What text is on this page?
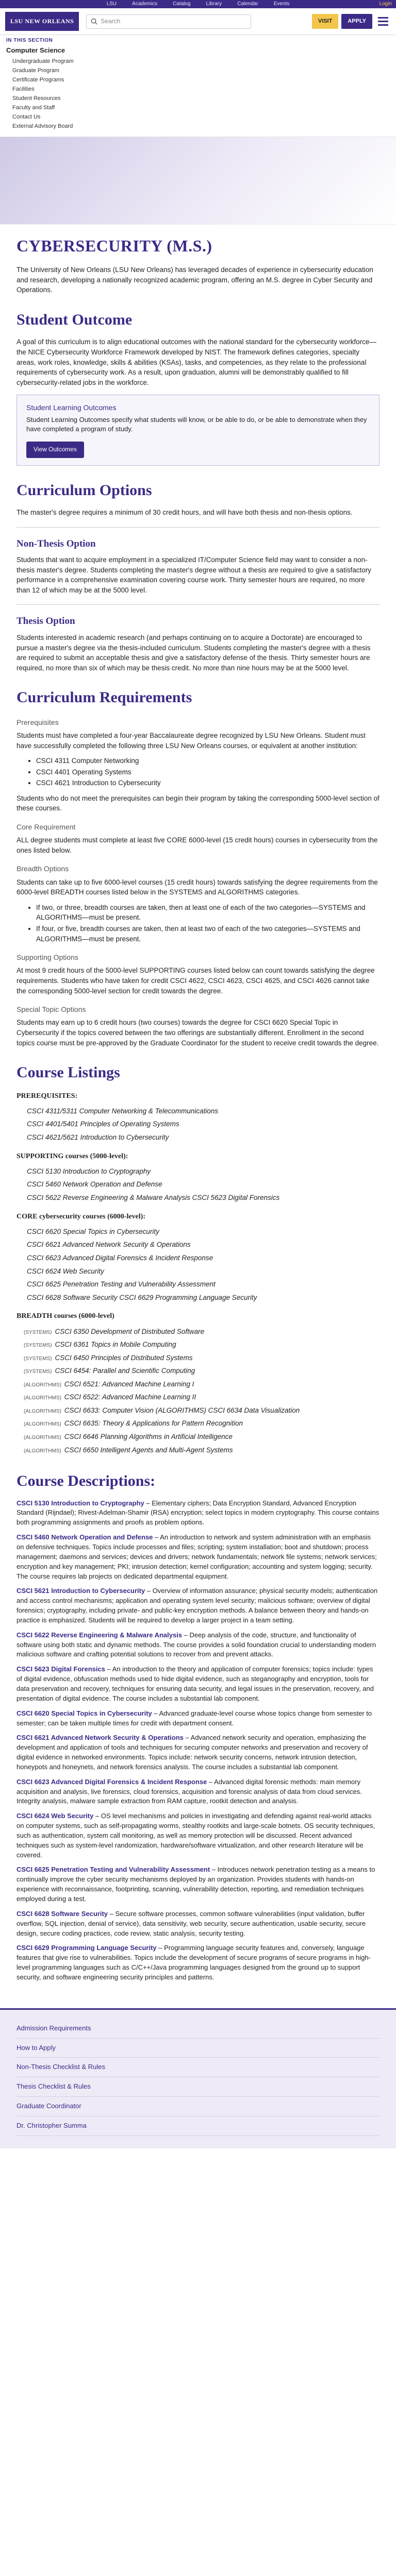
LSU	Academics	Catalog	Library	Calendar	Events	Login
LSU NEW ORLEANS	Search	VISIT	APPLY
IN THIS SECTION
Computer Science
Undergraduate Program
Graduate Program
Certificate Programs
Facilities
Student Resources
Faculty and Staff
Contact Us
External Advisory Board
CYBERSECURITY (M.S.)

The University of New Orleans (LSU New Orleans) has leveraged decades of experience in cybersecurity education and research, developing a nationally recognized academic program, offering an M.S. degree in Cyber Security and Operations.

Student Outcome

A goal of this curriculum is to align educational outcomes with the national standard for the cybersecurity workforce—the NICE Cybersecurity Workforce Framework developed by NIST. The framework defines categories, specialty areas, work roles, knowledge, skills & abilities (KSAs), tasks, and competencies, as they relate to the professional requirements of cybersecurity work. As a result, upon graduation, alumni will be demonstrably qualified to fill cybersecurity-related jobs in the workforce.

Student Learning Outcomes

Student Learning Outcomes specify what students will know, or be able to do, or be able to demonstrate when they have completed a program of study.

View Outcomes
Curriculum Options

The master's degree requires a minimum of 30 credit hours, and will have both thesis and non-thesis options.

Non-Thesis Option

Students that want to acquire employment in a specialized IT/Computer Science field may want to consider a non-thesis master's degree. Students completing the master's degree without a thesis are required to give a satisfactory performance in a comprehensive examination covering course work. Thirty semester hours are required, no more than 12 of which may be at the 5000 level.

Thesis Option

Students interested in academic research (and perhaps continuing on to acquire a Doctorate) are encouraged to pursue a master's degree via the thesis-included curriculum. Students completing the master's degree with a thesis are required to submit an acceptable thesis and give a satisfactory defense of the thesis. Thirty semester hours are required, no more than six of which may be thesis credit. No more than nine hours may be at the 5000 level.

Curriculum Requirements
Prerequisites

Students must have completed a four-year Baccalaureate degree recognized by LSU New Orleans. Student must have successfully completed the following three LSU New Orleans courses, or equivalent at another institution:

• CSCI 4311 Computer Networking
• CSCI 4401 Operating Systems
• CSCI 4621 Introduction to Cybersecurity

Students who do not meet the prerequisites can begin their program by taking the corresponding 5000-level section of these courses.

Core Requirement

ALL degree students must complete at least five CORE 6000-level (15 credit hours) courses in cybersecurity from the ones listed below.

Breadth Options

Students can take up to five 6000-level courses (15 credit hours) towards satisfying the degree requirements from the 6000-level BREADTH courses listed below in the SYSTEMS and ALGORITHMS categories.

• If two, or three, breadth courses are taken, then at least one of each of the two categories—SYSTEMS and ALGORITHMS—must be present.
• If four, or five, breadth courses are taken, then at least two of each of the two categories—SYSTEMS and ALGORITHMS—must be present.
Supporting Options

At most 9 credit hours of the 5000-level SUPPORTING courses listed below can count towards satisfying the degree requirements. Students who have taken for credit CSCI 4622, CSCI 4623, CSCI 4625, and CSCI 4626 cannot take the corresponding 5000-level section for credit towards the degree.

Special Topic Options

Students may earn up to 6 credit hours (two courses) towards the degree for CSCI 6620 Special Topic in Cybersecurity if the topics covered between the two offerings are substantially different. Enrollment in the second topics course must be pre-approved by the Graduate Coordinator for the student to receive credit towards the degree.

Course Listings
PREREQUISITES:
CSCI 4311/5311 Computer Networking & Telecommunications
CSCI 4401/5401 Principles of Operating Systems
CSCI 4621/5621 Introduction to Cybersecurity
SUPPORTING courses (5000-level):
CSCI 5130 Introduction to Cryptography
CSCI 5460 Network Operation and Defense
CSCI 5622 Reverse Engineering & Malware Analysis CSCI 5623 Digital Forensics
CORE cybersecurity courses (6000-level):
CSCI 6620 Special Topics in Cybersecurity
CSCI 6621 Advanced Network Security & Operations
CSCI 6623 Advanced Digital Forensics & Incident Response
CSCI 6624 Web Security
CSCI 6625 Penetration Testing and Vulnerability Assessment
CSCI 6628 Software Security CSCI 6629 Programming Language Security
BREADTH courses (6000-level)
(SYSTEMS) CSCI 6350 Development of Distributed Software
(SYSTEMS) CSCI 6361 Topics in Mobile Computing
(SYSTEMS) CSCI 6450 Principles of Distributed Systems
(SYSTEMS) CSCI 6454: Parallel and Scientific Computing
(ALGORITHMS) CSCI 6521: Advanced Machine Learning I
(ALGORITHMS) CSCI 6522: Advanced Machine Learning II
(ALGORITHMS) CSCI 6633: Computer Vision (ALGORITHMS) CSCI 6634 Data Visualization
(ALGORITHMS) CSCI 6635: Theory & Applications for Pattern Recognition
(ALGORITHMS) CSCI 6646 Planning Algorithms in Artificial Intelligence
(ALGORITHMS) CSCI 6650 Intelligent Agents and Multi-Agent Systems
Course Descriptions:

CSCI 5130 Introduction to Cryptography – Elementary ciphers; Data Encryption Standard, Advanced Encryption Standard (Rijndael); Rivest-Adelman-Shamir (RSA) encryption; select topics in modern cryptography. This course contains both programming assignments and proofs as problem options.

CSCI 5460 Network Operation and Defense – An introduction to network and system administration with an emphasis on defensive techniques. Topics include processes and files; scripting; system installation; boot and shutdown; process management; daemons and services; devices and drivers; network fundamentals; network file systems; network services; encryption and key management; PKI; intrusion detection; kernel configuration; accounting and system logging; security. The course requires lab projects on dedicated departmental equipment.

CSCI 5621 Introduction to Cybersecurity – Overview of information assurance; physical security models; authentication and access control mechanisms; application and operating system level security; malicious software; overview of digital forensics; cryptography, including private- and public-key encryption methods. A balance between theory and hands-on practice is emphasized. Students will be required to develop a larger project in a team setting.

CSCI 5622 Reverse Engineering & Malware Analysis – Deep analysis of the code, structure, and functionality of software using both static and dynamic methods. The course provides a solid foundation crucial to understanding modern malicious software and crafting potential solutions to recover from and prevent attacks.

CSCI 5623 Digital Forensics – An introduction to the theory and application of computer forensics; topics include: types of digital evidence, obfuscation methods used to hide digital evidence, such as steganography and encryption, tools for data preservation and recovery, techniques for ensuring data security, and legal issues in the preservation, recovery, and presentation of digital evidence. The course includes a substantial lab component.

CSCI 6620 Special Topics in Cybersecurity – Advanced graduate-level course whose topics change from semester to semester; can be taken multiple times for credit with department consent.

CSCI 6621 Advanced Network Security & Operations – Advanced network security and operation, emphasizing the development and application of tools and techniques for securing computer networks and preservation and recovery of digital evidence in networked environments. Topics include: network security concerns, network intrusion detection, honeypots and honeynets, and network forensics analysis. The course includes a substantial lab component.

CSCI 6623 Advanced Digital Forensics & Incident Response – Advanced digital forensic methods: main memory acquisition and analysis, live forensics, cloud forensics, acquisition and forensic analysis of data from cloud services. Integrity analysis, malware sample extraction from RAM capture, rootkit detection and analysis.

CSCI 6624 Web Security – OS level mechanisms and policies in investigating and defending against real-world attacks on computer systems, such as self-propagating worms, stealthy rootkits and large-scale botnets. OS security techniques, such as authentication, system call monitoring, as well as memory protection will be discussed. Recent advanced techniques such as system-level randomization, hardware/software virtualization, and other research literature will be covered.

CSCI 6625 Penetration Testing and Vulnerability Assessment – Introduces network penetration testing as a means to continually improve the cyber security mechanisms deployed by an organization. Provides students with hands-on experience with reconnaissance, footprinting, scanning, vulnerability detection, reporting, and remediation techniques employed during a test.

CSCI 6628 Software Security – Secure software processes, common software vulnerabilities (input validation, buffer overflow, SQL injection, denial of service), data sensitivity, web security, secure authentication, usable security, secure design, secure coding practices, code review, static analysis, security testing.

CSCI 6629 Programming Language Security – Programming language security features and, conversely, language features that give rise to vulnerabilities. Topics include the development of secure programs of secure programs in high-level programming languages such as C/C++/Java programming languages designed from the ground up to support security, and software engineering security principles and patterns.

Admission Requirements
How to Apply
Non-Thesis Checklist & Rules
Thesis Checklist & Rules
Graduate Coordinator
Dr. Christopher Summa
